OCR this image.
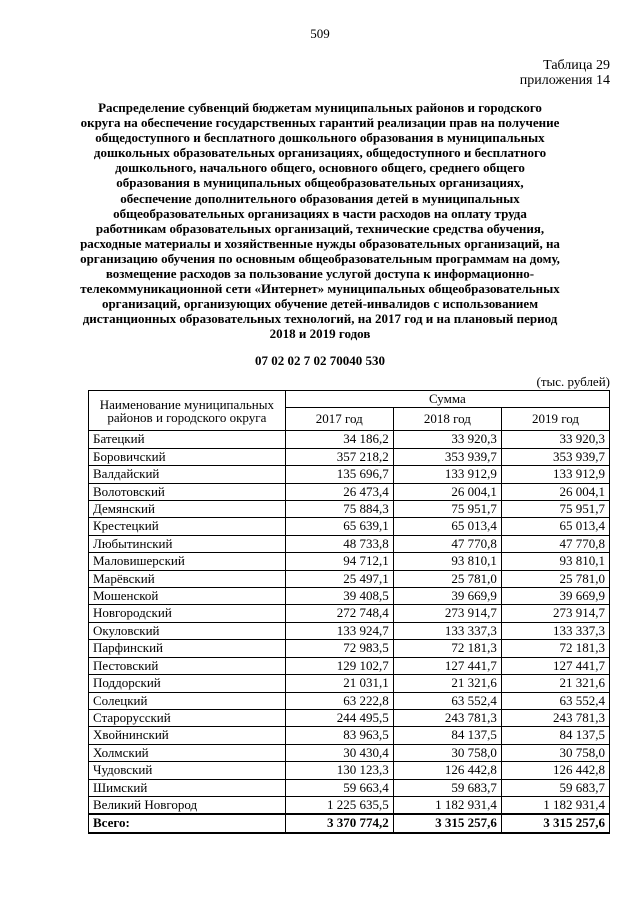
509
Таблица 29
приложения 14
Распределение субвенций бюджетам муниципальных районов и городского округа на обеспечение государственных гарантий реализации прав на получение общедоступного и бесплатного дошкольного образования в муниципальных дошкольных образовательных организациях, общедоступного и бесплатного дошкольного, начального общего, основного общего, среднего общего образования в муниципальных общеобразовательных организациях, обеспечение дополнительного образования детей в муниципальных общеобразовательных организациях в части расходов на оплату труда работникам образовательных организаций, технические средства обучения, расходные материалы и хозяйственные нужды образовательных организаций, на организацию обучения по основным общеобразовательным программам на дому, возмещение расходов за пользование услугой доступа к информационно-телекоммуникационной сети «Интернет» муниципальных общеобразовательных организаций, организующих обучение детей-инвалидов с использованием дистанционных образовательных технологий, на 2017 год и на плановый период 2018 и 2019 годов
07 02 02 7 02 70040 530
(тыс. рублей)
Наименование муниципальных районов и городского округа	Сумма		
	2017 год	2018 год	2019 год
Батецкий	34 186,2	33 920,3	33 920,3
Боровичский	357 218,2	353 939,7	353 939,7
Валдайский	135 696,7	133 912,9	133 912,9
Волотовский	26 473,4	26 004,1	26 004,1
Демянский	75 884,3	75 951,7	75 951,7
Крестецкий	65 639,1	65 013,4	65 013,4
Любытинский	48 733,8	47 770,8	47 770,8
Маловишерский	94 712,1	93 810,1	93 810,1
Марёвский	25 497,1	25 781,0	25 781,0
Мошенской	39 408,5	39 669,9	39 669,9
Новгородский	272 748,4	273 914,7	273 914,7
Окуловский	133 924,7	133 337,3	133 337,3
Парфинский	72 983,5	72 181,3	72 181,3
Пестовский	129 102,7	127 441,7	127 441,7
Поддорский	21 031,1	21 321,6	21 321,6
Солецкий	63 222,8	63 552,4	63 552,4
Старорусский	244 495,5	243 781,3	243 781,3
Хвойнинский	83 963,5	84 137,5	84 137,5
Холмский	30 430,4	30 758,0	30 758,0
Чудовский	130 123,3	126 442,8	126 442,8
Шимский	59 663,4	59 683,7	59 683,7
Великий Новгород	1 225 635,5	1 182 931,4	1 182 931,4
Всего:	3 370 774,2	3 315 257,6	3 315 257,6
